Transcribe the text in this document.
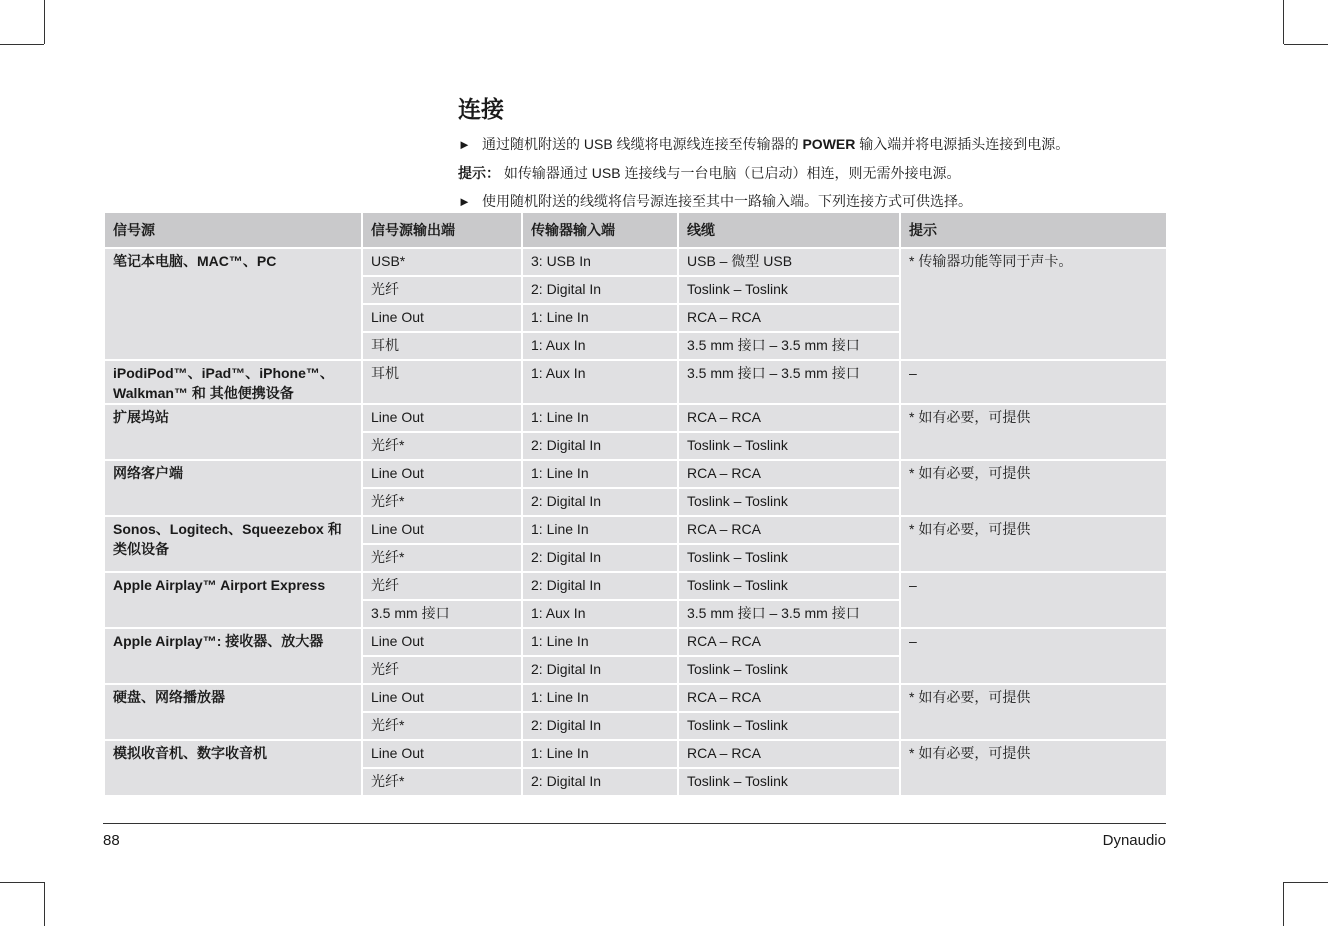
连接
► 通过随机附送的 USB 线缆将电源线连接至传输器的 POWER 输入端并将电源插头连接到电源。
提示： 如传输器通过 USB 连接线与一台电脑（已启动）相连，则无需外接电源。
► 使用随机附送的线缆将信号源连接至其中一路输入端。下列连接方式可供选择。
信号源	信号源输出端	传输器输入端	线缆	提示
笔记本电脑、MAC™、PC	USB*	3: USB In	USB – 微型 USB	* 传输器功能等同于声卡。
	光纤	2: Digital In	Toslink – Toslink	
	Line Out	1: Line In	RCA – RCA	
	耳机	1: Aux In	3.5 mm 接口 – 3.5 mm 接口	
iPodiPod™、iPad™、iPhone™、Walkman™ 和 其他便携设备	耳机	1: Aux In	3.5 mm 接口 – 3.5 mm 接口	–
扩展坞站	Line Out	1: Line In	RCA – RCA	* 如有必要，可提供
	光纤*	2: Digital In	Toslink – Toslink	
网络客户端	Line Out	1: Line In	RCA – RCA	* 如有必要，可提供
	光纤*	2: Digital In	Toslink – Toslink	
Sonos、Logitech、Squeezebox 和类似设备	Line Out	1: Line In	RCA – RCA	* 如有必要，可提供
	光纤*	2: Digital In	Toslink – Toslink	
Apple Airplay™ Airport Express	光纤	2: Digital In	Toslink – Toslink	–
	3.5 mm 接口	1: Aux In	3.5 mm 接口 – 3.5 mm 接口	
Apple Airplay™: 接收器、放大器	Line Out	1: Line In	RCA – RCA	–
	光纤	2: Digital In	Toslink – Toslink	
硬盘、网络播放器	Line Out	1: Line In	RCA – RCA	* 如有必要，可提供
	光纤*	2: Digital In	Toslink – Toslink	
模拟收音机、数字收音机	Line Out	1: Line In	RCA – RCA	* 如有必要，可提供
	光纤*	2: Digital In	Toslink – Toslink	
88	Dynaudio
